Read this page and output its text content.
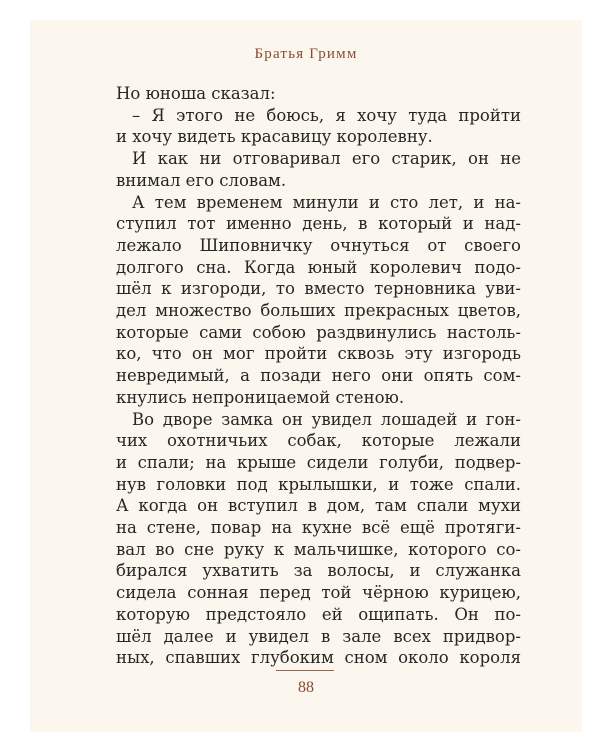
Братья Гримм
Но юноша сказал:
– Я этого не боюсь, я хочу туда пройти
и хочу видеть красавицу королевну.
И как ни отговаривал его старик, он не
внимал его словам.
А тем временем минули и сто лет, и на-
ступил тот именно день, в который и над-
лежало Шиповничку очнуться от своего
долгого сна. Когда юный королевич подо-
шёл к изгороди, то вместо терновника уви-
дел множество больших прекрасных цветов,
которые сами собою раздвинулись настоль-
ко, что он мог пройти сквозь эту изгородь
невредимый, а позади него они опять сом-
кнулись непроницаемой стеною.
Во дворе замка он увидел лошадей и гон-
чих охотничьих собак, которые лежали
и спали; на крыше сидели голуби, подвер-
нув головки под крылышки, и тоже спали.
А когда он вступил в дом, там спали мухи
на стене, повар на кухне всё ещё протяги-
вал во сне руку к мальчишке, которого со-
бирался ухватить за волосы, и служанка
сидела сонная перед той чёрною курицею,
которую предстояло ей ощипать. Он по-
шёл далее и увидел в зале всех придвор-
ных, спавших глубоким сном около короля
88
